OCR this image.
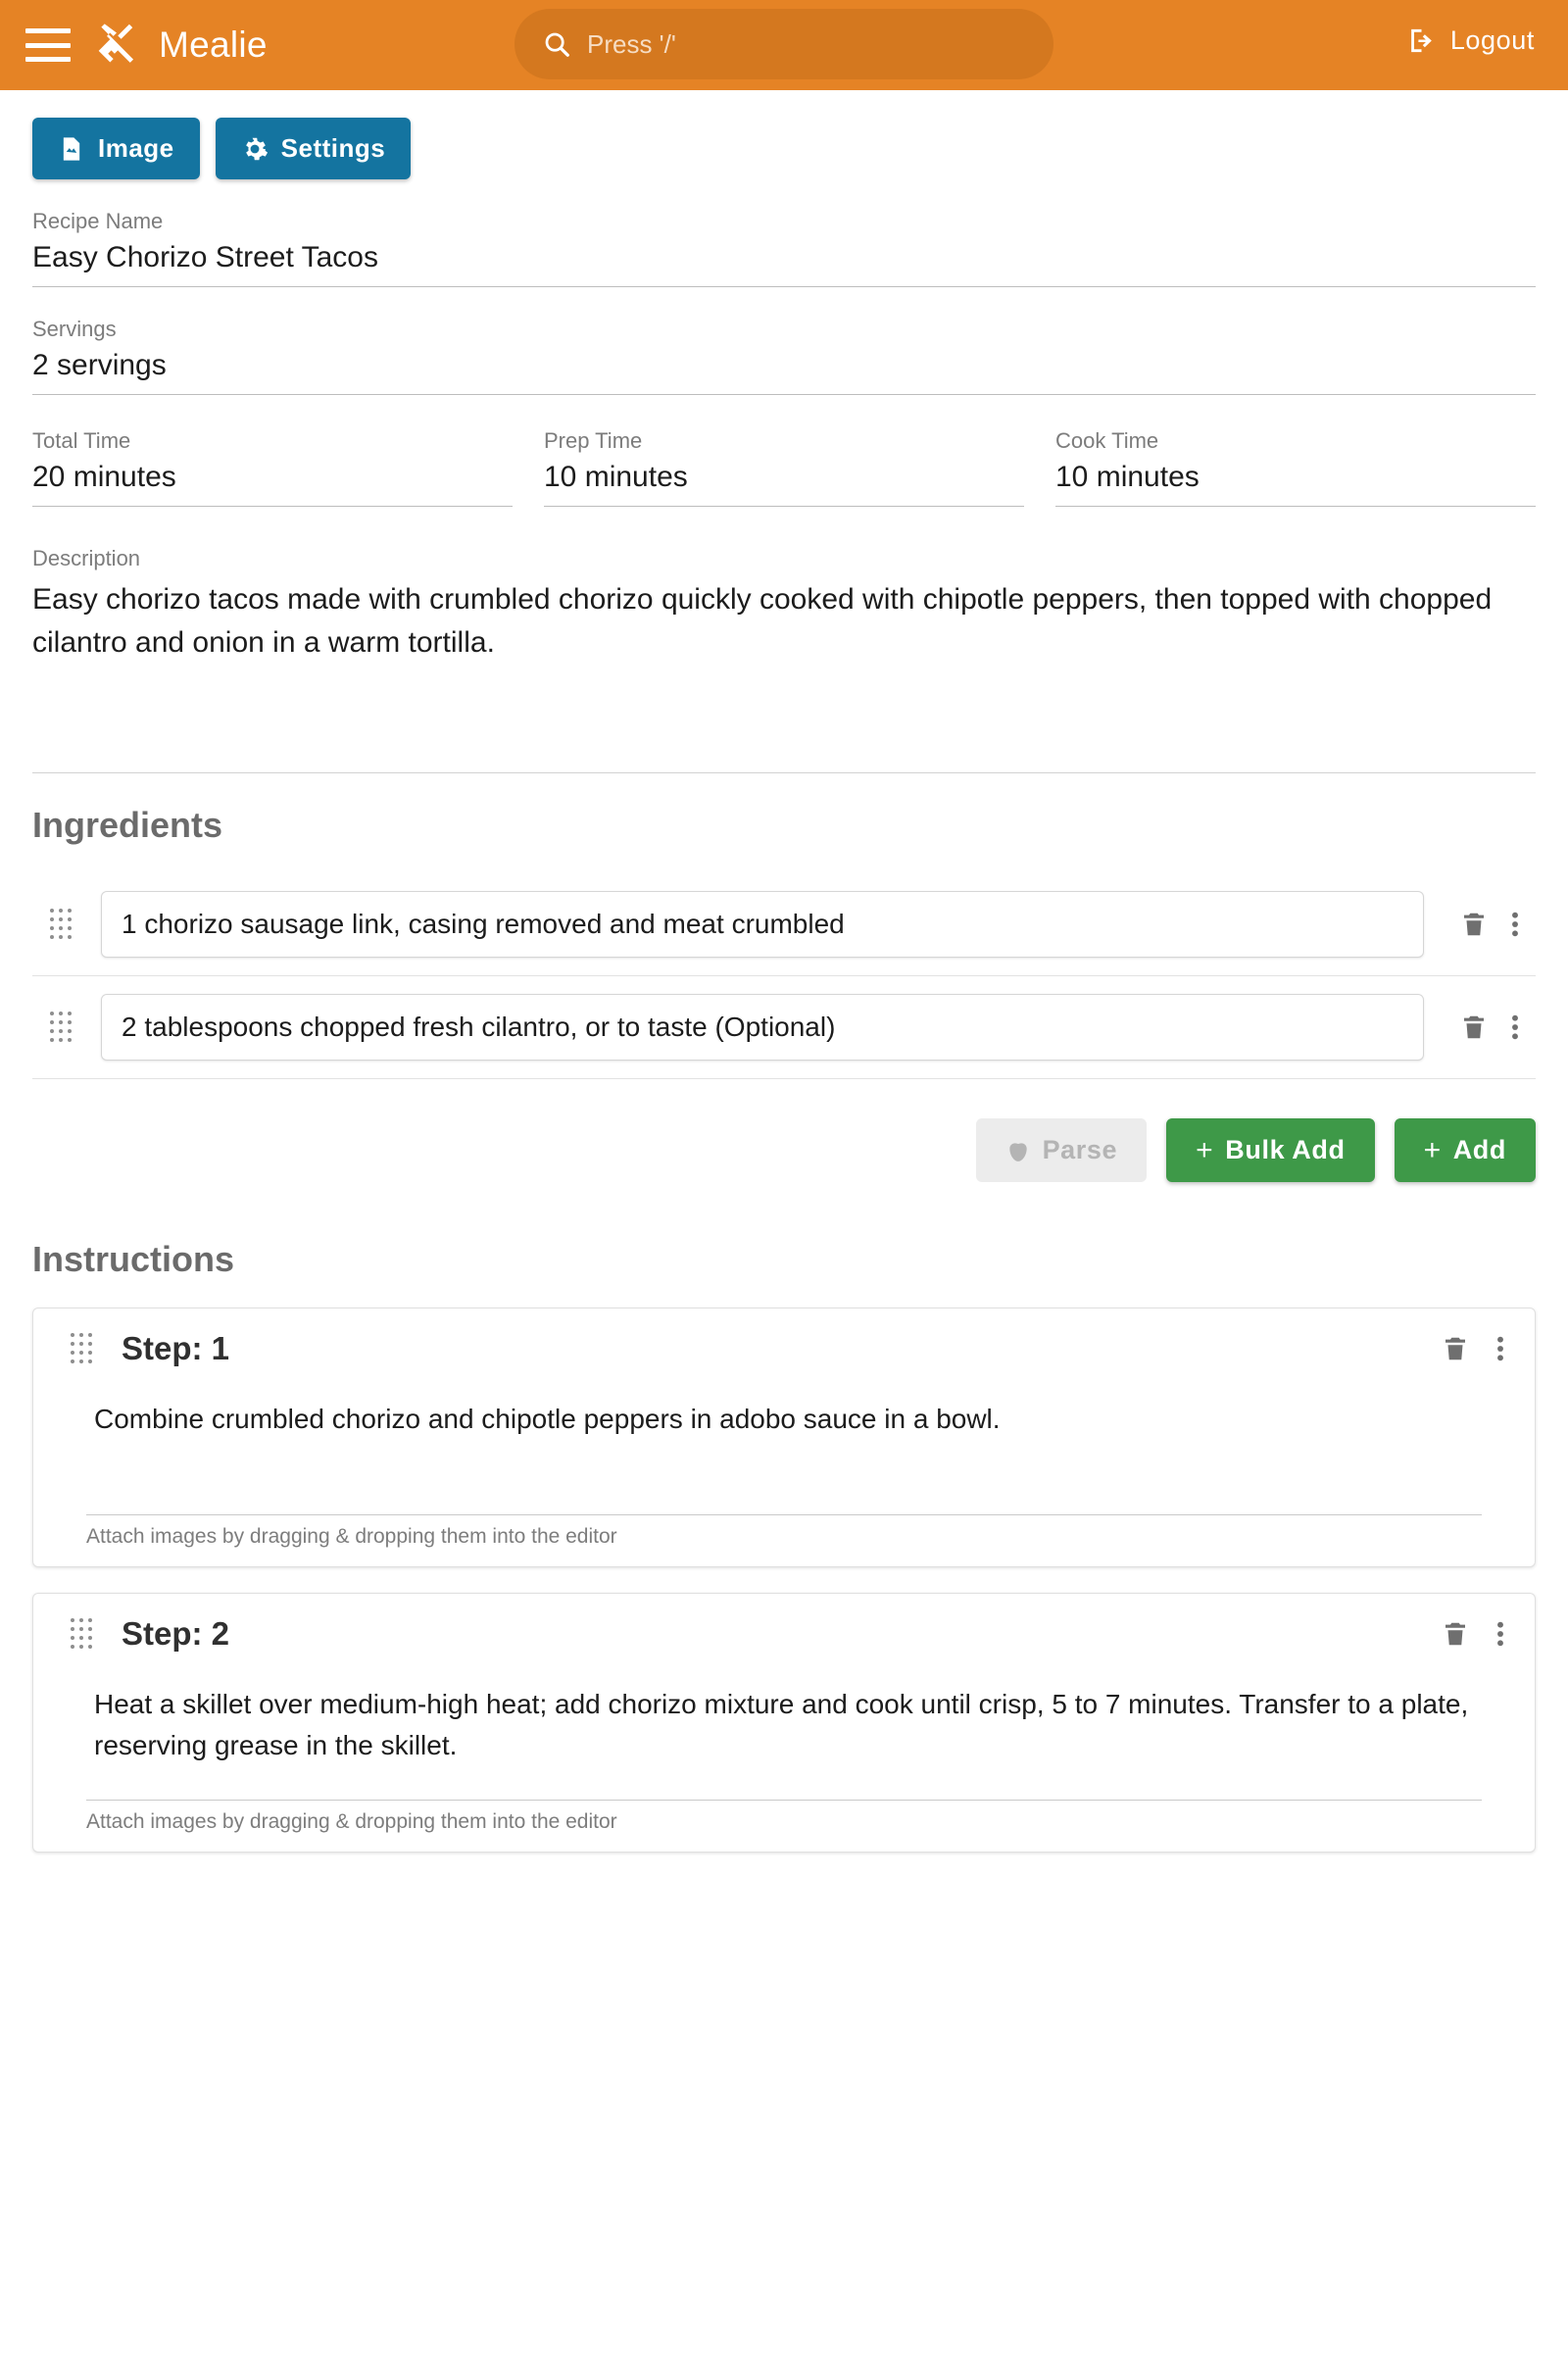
Mealie	Press '/'	Logout
Image	Settings
Recipe Name
Easy Chorizo Street Tacos
Servings
2 servings
Total Time
20 minutes
Prep Time
10 minutes
Cook Time
10 minutes
Description
Easy chorizo tacos made with crumbled chorizo quickly cooked with chipotle peppers, then topped with chopped cilantro and onion in a warm tortilla.
Ingredients
1 chorizo sausage link, casing removed and meat crumbled
2 tablespoons chopped fresh cilantro, or to taste (Optional)
Parse	+ Bulk Add	+ Add
Instructions
Step: 1
Combine crumbled chorizo and chipotle peppers in adobo sauce in a bowl.
Attach images by dragging & dropping them into the editor
Step: 2
Heat a skillet over medium-high heat; add chorizo mixture and cook until crisp, 5 to 7 minutes. Transfer to a plate, reserving grease in the skillet.
Attach images by dragging & dropping them into the editor
